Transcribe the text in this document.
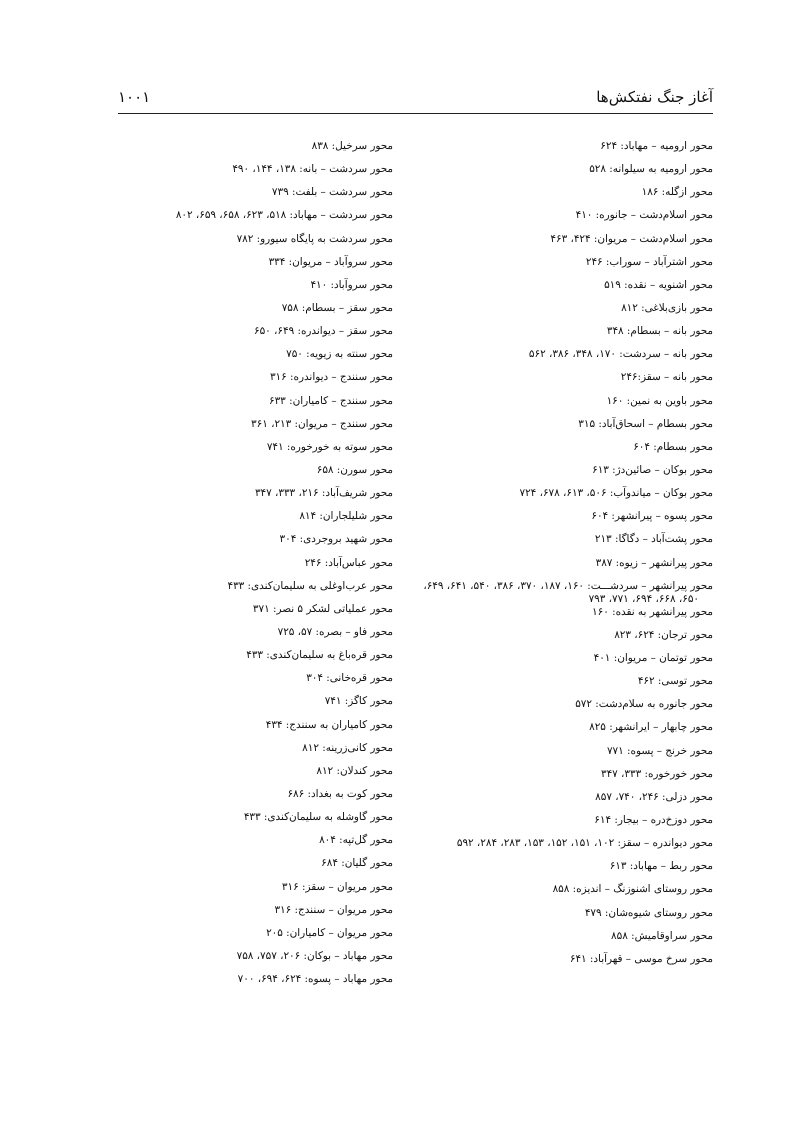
آغاز جنگ نفتکش‌ها
۱۰۰۱
محور ارومیه – مهاباد: ۶۲۴
محور ارومیه به سیلوانه: ۵۲۸
محور ازگله: ۱۸۶
محور اسلام‌دشت – جانوره: ۴۱۰
محور اسلام‌دشت – مریوان: ۴۲۴، ۴۶۳
محور اشترآباد – سوراب: ۲۴۶
محور اشنویه – نقده: ۵۱۹
محور بازی‌بلاغی: ۸۱۲
محور بانه – بسطام: ۳۴۸
محور بانه – سردشت: ۱۷۰، ۳۴۸، ۳۸۶، ۵۶۲
محور بانه – سقز:۲۴۶
محور باوین به نمین: ۱۶۰
محور بسطام – اسحاق‌آباد: ۳۱۵
محور بسطام: ۶۰۴
محور بوکان – صائین‌دژ: ۶۱۳
محور بوکان – میاندوآب: ۵۰۶، ۶۱۳، ۶۷۸، ۷۲۴
محور پسوه – پیرانشهر: ۶۰۴
محور پشت‌آباد – دگاگا: ۲۱۳
محور پیرانشهر – زیوه: ۳۸۷
محور پیرانشهر – سردشـــت: ۱۶۰، ۱۸۷، ۳۷۰، ۳۸۶، ۵۴۰، ۶۴۱، ۶۴۹،
۶۵۰، ۶۶۸، ۶۹۴، ۷۷۱، ۷۹۳
محور پیرانشهر به نقده: ۱۶۰
محور ترجان: ۶۲۴، ۸۲۳
محور توتمان – مریوان: ۴۰۱
محور توسی: ۴۶۲
محور جانوره به سلام‌دشت: ۵۷۲
محور چابهار – ایرانشهر: ۸۲۵
محور خرنج – پسوه: ۷۷۱
محور خورخوره: ۳۳۳، ۳۴۷
محور دزلی: ۲۴۶، ۷۴۰، ۸۵۷
محور دوزخ‌دره – بیجار: ۶۱۴
محور دیواندره – سقز: ۱۰۲، ۱۵۱، ۱۵۲، ۱۵۳، ۲۸۳، ۲۸۴، ۵۹۲
محور ربط – مهاباد: ۶۱۳
محور روستای اشنوزنگ – اندیزه: ۸۵۸
محور روستای شیوه‌شان: ۴۷۹
محور سراوقامیش: ۸۵۸
محور سرخ موسی – قهرآباد: ۶۴۱
محور سرخیل: ۸۳۸
محور سردشت – بانه: ۱۳۸، ۱۴۴، ۴۹۰
محور سردشت – بلفت: ۷۳۹
محور سردشت – مهاباد: ۵۱۸، ۶۲۳، ۶۵۸، ۶۵۹، ۸۰۲
محور سردشت به پایگاه سیورو: ۷۸۲
محور سروآباد – مریوان: ۳۳۴
محور سروآباد: ۴۱۰
محور سقز – بسطام: ۷۵۸
محور سقز – دیواندره: ۶۴۹، ۶۵۰
محور سنته به زیویه: ۷۵۰
محور سنندج – دیواندره: ۳۱۶
محور سنندج – کامیاران: ۶۳۳
محور سنندج – مریوان: ۲۱۳، ۳۶۱
محور سوته به خورخوره: ۷۴۱
محور سورن: ۶۵۸
محور شریف‌آباد: ۲۱۶، ۳۳۳، ۳۴۷
محور شلیلجاران: ۸۱۴
محور شهید بروجردی: ۳۰۴
محور عباس‌آباد: ۲۴۶
محور عرب‌اوغلی به سلیمان‌کندی: ۴۳۳
محور عملیاتی لشکر ۵ نصر: ۳۷۱
محور فاو – بصره: ۵۷، ۷۲۵
محور قره‌باغ به سلیمان‌کندی: ۴۳۳
محور قره‌خانی: ۳۰۴
محور کاگز: ۷۴۱
محور کامیاران به سنندج: ۴۳۴
محور کانی‌زرینه: ۸۱۲
محور کندلان: ۸۱۲
محور کوت به بغداد: ۶۸۶
محور گاوشله به سلیمان‌کندی: ۴۳۳
محور گل‌تپه: ۸۰۴
محور گلیان: ۶۸۴
محور مریوان – سقز: ۳۱۶
محور مریوان – سنندج: ۳۱۶
محور مریوان – کامیاران: ۲۰۵
محور مهاباد – بوکان: ۲۰۶، ۷۵۷، ۷۵۸
محور مهاباد – پسوه: ۶۲۴، ۶۹۴، ۷۰۰
